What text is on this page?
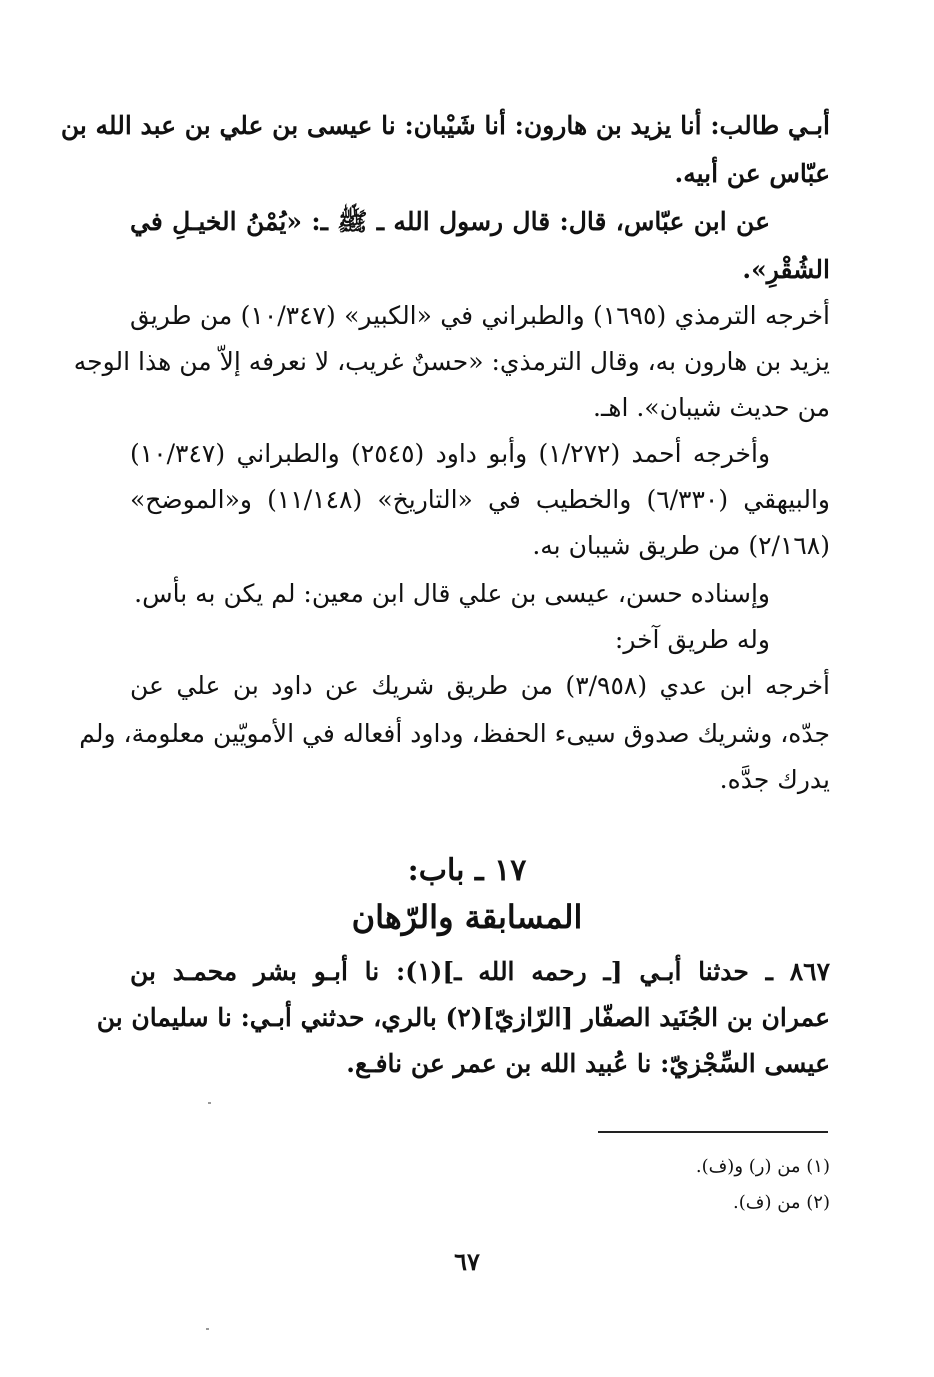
أبـي طالب: أنا يزيد بن هارون: أنا شَيْبان: نا عيسى بن علي بن عبد الله بن
عبّاس عن أبيه.
عن ابن عبّاس، قال: قال رسول الله ـ ﷺ ـ: «يُمْنُ الخيـلِ في
الشُقْرِ».
أخرجه الترمذي (١٦٩٥) والطبراني في «الكبير» (١٠/٣٤٧) من طريق
يزيد بن هارون به، وقال الترمذي: «حسنٌ غريب، لا نعرفه إلاّ من هذا الوجه
من حديث شيبان». اهـ.
وأخرجه أحمد (١/٢٧٢) وأبو داود (٢٥٤٥) والطبراني (١٠/٣٤٧)
والبيهقي (٦/٣٣٠) والخطيب في «التاريخ» (١١/١٤٨) و«الموضح»
(٢/١٦٨) من طريق شيبان به.
وإسناده حسن، عيسى بن علي قال ابن معين: لم يكن به بأس.
وله طريق آخر:
أخرجه ابن عدي (٣/٩٥٨) من طريق شريك عن داود بن علي عن
جدّه، وشريك صدوق سيىء الحفظ، وداود أفعاله في الأمويّين معلومة، ولم
يدرك جدَّه.
١٧ ـ باب:
المسابقة والرّهان
٨٦٧ ـ حدثنا أبـي [ـ رحمه الله ـ](١): نا أبـو بشر محمـد بن
عمران بن الجُنَيد الصفّار [الرّازيّ](٢) بالري، حدثني أبـي: نا سليمان بن
عيسى السِّجْزيّ: نا عُبيد الله بن عمر عن نافـع.
(١) من (ر) و(ف).
(٢) من (ف).
٦٧
